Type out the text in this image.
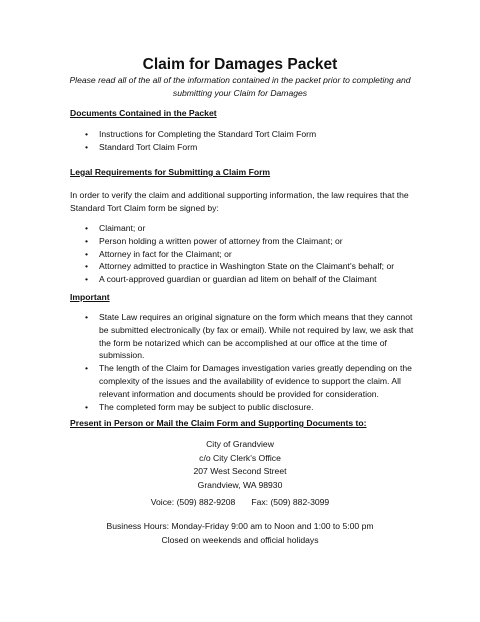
Claim for Damages Packet
Please read all of the all of the information contained in the packet prior to completing and submitting your Claim for Damages
Documents Contained in the Packet
• Instructions for Completing the Standard Tort Claim Form
• Standard Tort Claim Form
Legal Requirements for Submitting a Claim Form
In order to verify the claim and additional supporting information, the law requires that the Standard Tort Claim form be signed by:
• Claimant; or
• Person holding a written power of attorney from the Claimant; or
• Attorney in fact for the Claimant; or
• Attorney admitted to practice in Washington State on the Claimant's behalf; or
• A court-approved guardian or guardian ad litem on behalf of the Claimant
Important
• State Law requires an original signature on the form which means that they cannot be submitted electronically (by fax or email). While not required by law, we ask that the form be notarized which can be accomplished at our office at the time of submission.
• The length of the Claim for Damages investigation varies greatly depending on the complexity of the issues and the availability of evidence to support the claim. All relevant information and documents should be provided for consideration.
• The completed form may be subject to public disclosure.
Present in Person or Mail the Claim Form and Supporting Documents to:
City of Grandview
c/o City Clerk's Office
207 West Second Street
Grandview, WA 98930
Voice: (509) 882-9208 Fax: (509) 882-3099
Business Hours: Monday-Friday 9:00 am to Noon and 1:00 to 5:00 pm
Closed on weekends and official holidays
